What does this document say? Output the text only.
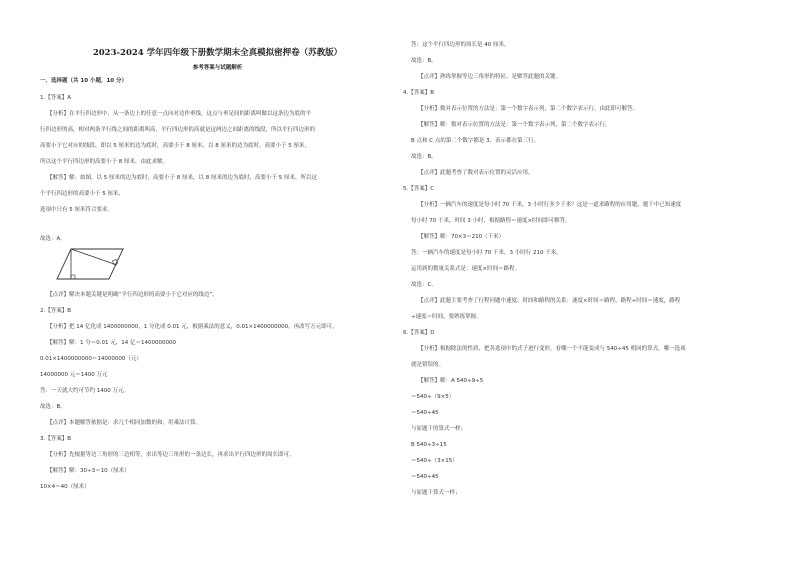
2023-2024 学年四年级下册数学期末全真模拟密押卷（苏教版）
参考答案与试题解析
一、选择题（共 10 小题，10 分）
1.【答案】A
【分析】在平行四边形中，从一条边上的任意一点向对边作垂线，这点与垂足间的距离叫做以这条边为底的平
行四边形的高，相对两条平行线之间的距离叫高，平行四边形的高就是这两边之间距离的线段，所以平行四边形的
高要小于它对应的线段，即以 5 厘米的边为底时，高要小于 8 厘米，以 8 厘米的边为底时，高要小于 5 厘米，
所以这个平行四边形的高要小于 8 厘米，由此求解。
【解答】解：如图，以 5 厘米的边为底时，高要小于 8 厘米，以 8 厘米的边为底时，高要小于 5 厘米，所以这
个平行四边形的高要小于 5 厘米，
选项中只有 5 厘米符合要求。
故选：A。
【点评】解决本题关键是明确“平行四边形的高要小于它对应的线边”。
2.【答案】B
【分析】把 14 亿化成 1400000000，1 分化成 0.01 元，根据乘法的意义，0.01×1400000000，再改写万元即可。
【解答】解：1 分＝0.01 元，14 亿＝1400000000
0.01×1400000000＝14000000（元）
14000000 元＝1400 万元
答：一天就大约可节约 1400 万元。
故选：B。
【点评】本题解答依据是：求几个相同加数的和，用乘法计算。
3.【答案】B
【分析】先根据等边三角形的三边相等，求出等边三角形的一条边长，再求出平行四边形的周长即可。
【解答】解：30÷3＝10（厘米）
10×4＝40（厘米）
答：这个平行四边形的周长是 40 厘米。
故选：B。
【点评】熟练掌握等边三角形的特征，是解答此题的关键。
4.【答案】B
【分析】数对表示位置的方法是：第一个数字表示列，第二个数字表示行，由此即可解答。
【解答】解：数对表示位置的方法是：第一个数字表示列，第二个数字表示行，
B 点和 C 点的第二个数字都是 3，表示都在第三行。
故选：B。
【点评】此题考查了数对表示位置的灵活应用。
5.【答案】C
【分析】一辆汽车的速度是每小时 70 千米，3 小时行多少千米？这是一道求路程的应用题，题干中已知速度
每小时 70 千米，时间 3 小时，根据路程＝速度×时间即可解答。
【解答】解：70×3＝210（千米）
答：一辆汽车的速度是每小时 70 千米，3 小时行 210 千米。
运用到的数量关系式是：速度×时间＝路程。
故选：C。
【点评】此题主要考查了行程问题中速度、时间和路程的关系：速度×时间＝路程，路程÷时间＝速度，路程
÷速度＝时间，要熟练掌握。
6.【答案】D
【分析】根据除法的性质，把各选项中的式子进行变形，看哪一个不能变成与 540÷45 相同的算式，哪一选项
就是错误的。
【解答】解：A 540÷9÷5
＝540÷（9×5）
＝540÷45
与原题干的算式一样；
B 540÷3÷15
＝540÷（3×15）
＝540÷45
与原题干算式一样；
